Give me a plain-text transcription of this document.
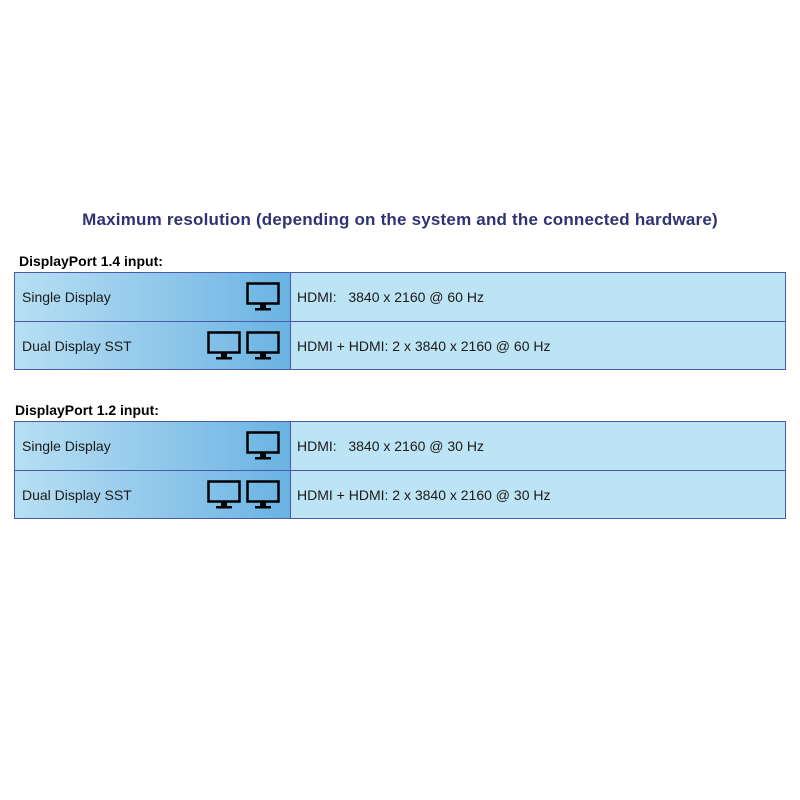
Maximum resolution (depending on the system and the connected hardware)
DisplayPort 1.4 input:
Single Display	HDMI:   3840 x 2160 @ 60 Hz
Dual Display SST	HDMI + HDMI: 2 x 3840 x 2160 @ 60 Hz
DisplayPort 1.2 input:
Single Display	HDMI:   3840 x 2160 @ 30 Hz
Dual Display SST	HDMI + HDMI: 2 x 3840 x 2160 @ 30 Hz
